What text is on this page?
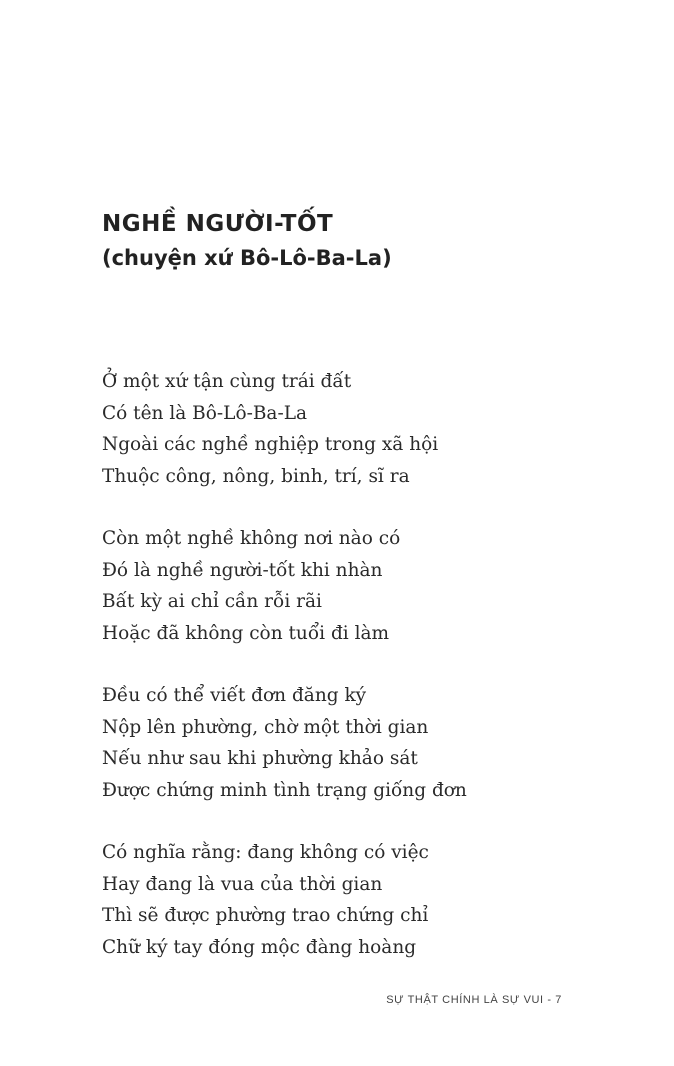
NGHỀ NGƯỜI-TỐT
(chuyện xứ Bô-Lô-Ba-La)
Ở một xứ tận cùng trái đất
Có tên là Bô-Lô-Ba-La
Ngoài các nghề nghiệp trong xã hội
Thuộc công, nông, binh, trí, sĩ ra
Còn một nghề không nơi nào có
Đó là nghề người-tốt khi nhàn
Bất kỳ ai chỉ cần rỗi rãi
Hoặc đã không còn tuổi đi làm
Đều có thể viết đơn đăng ký
Nộp lên phường, chờ một thời gian
Nếu như sau khi phường khảo sát
Được chứng minh tình trạng giống đơn
Có nghĩa rằng: đang không có việc
Hay đang là vua của thời gian
Thì sẽ được phường trao chứng chỉ
Chữ ký tay đóng mộc đàng hoàng
SỰ THẬT CHÍNH LÀ SỰ VUI - 7
